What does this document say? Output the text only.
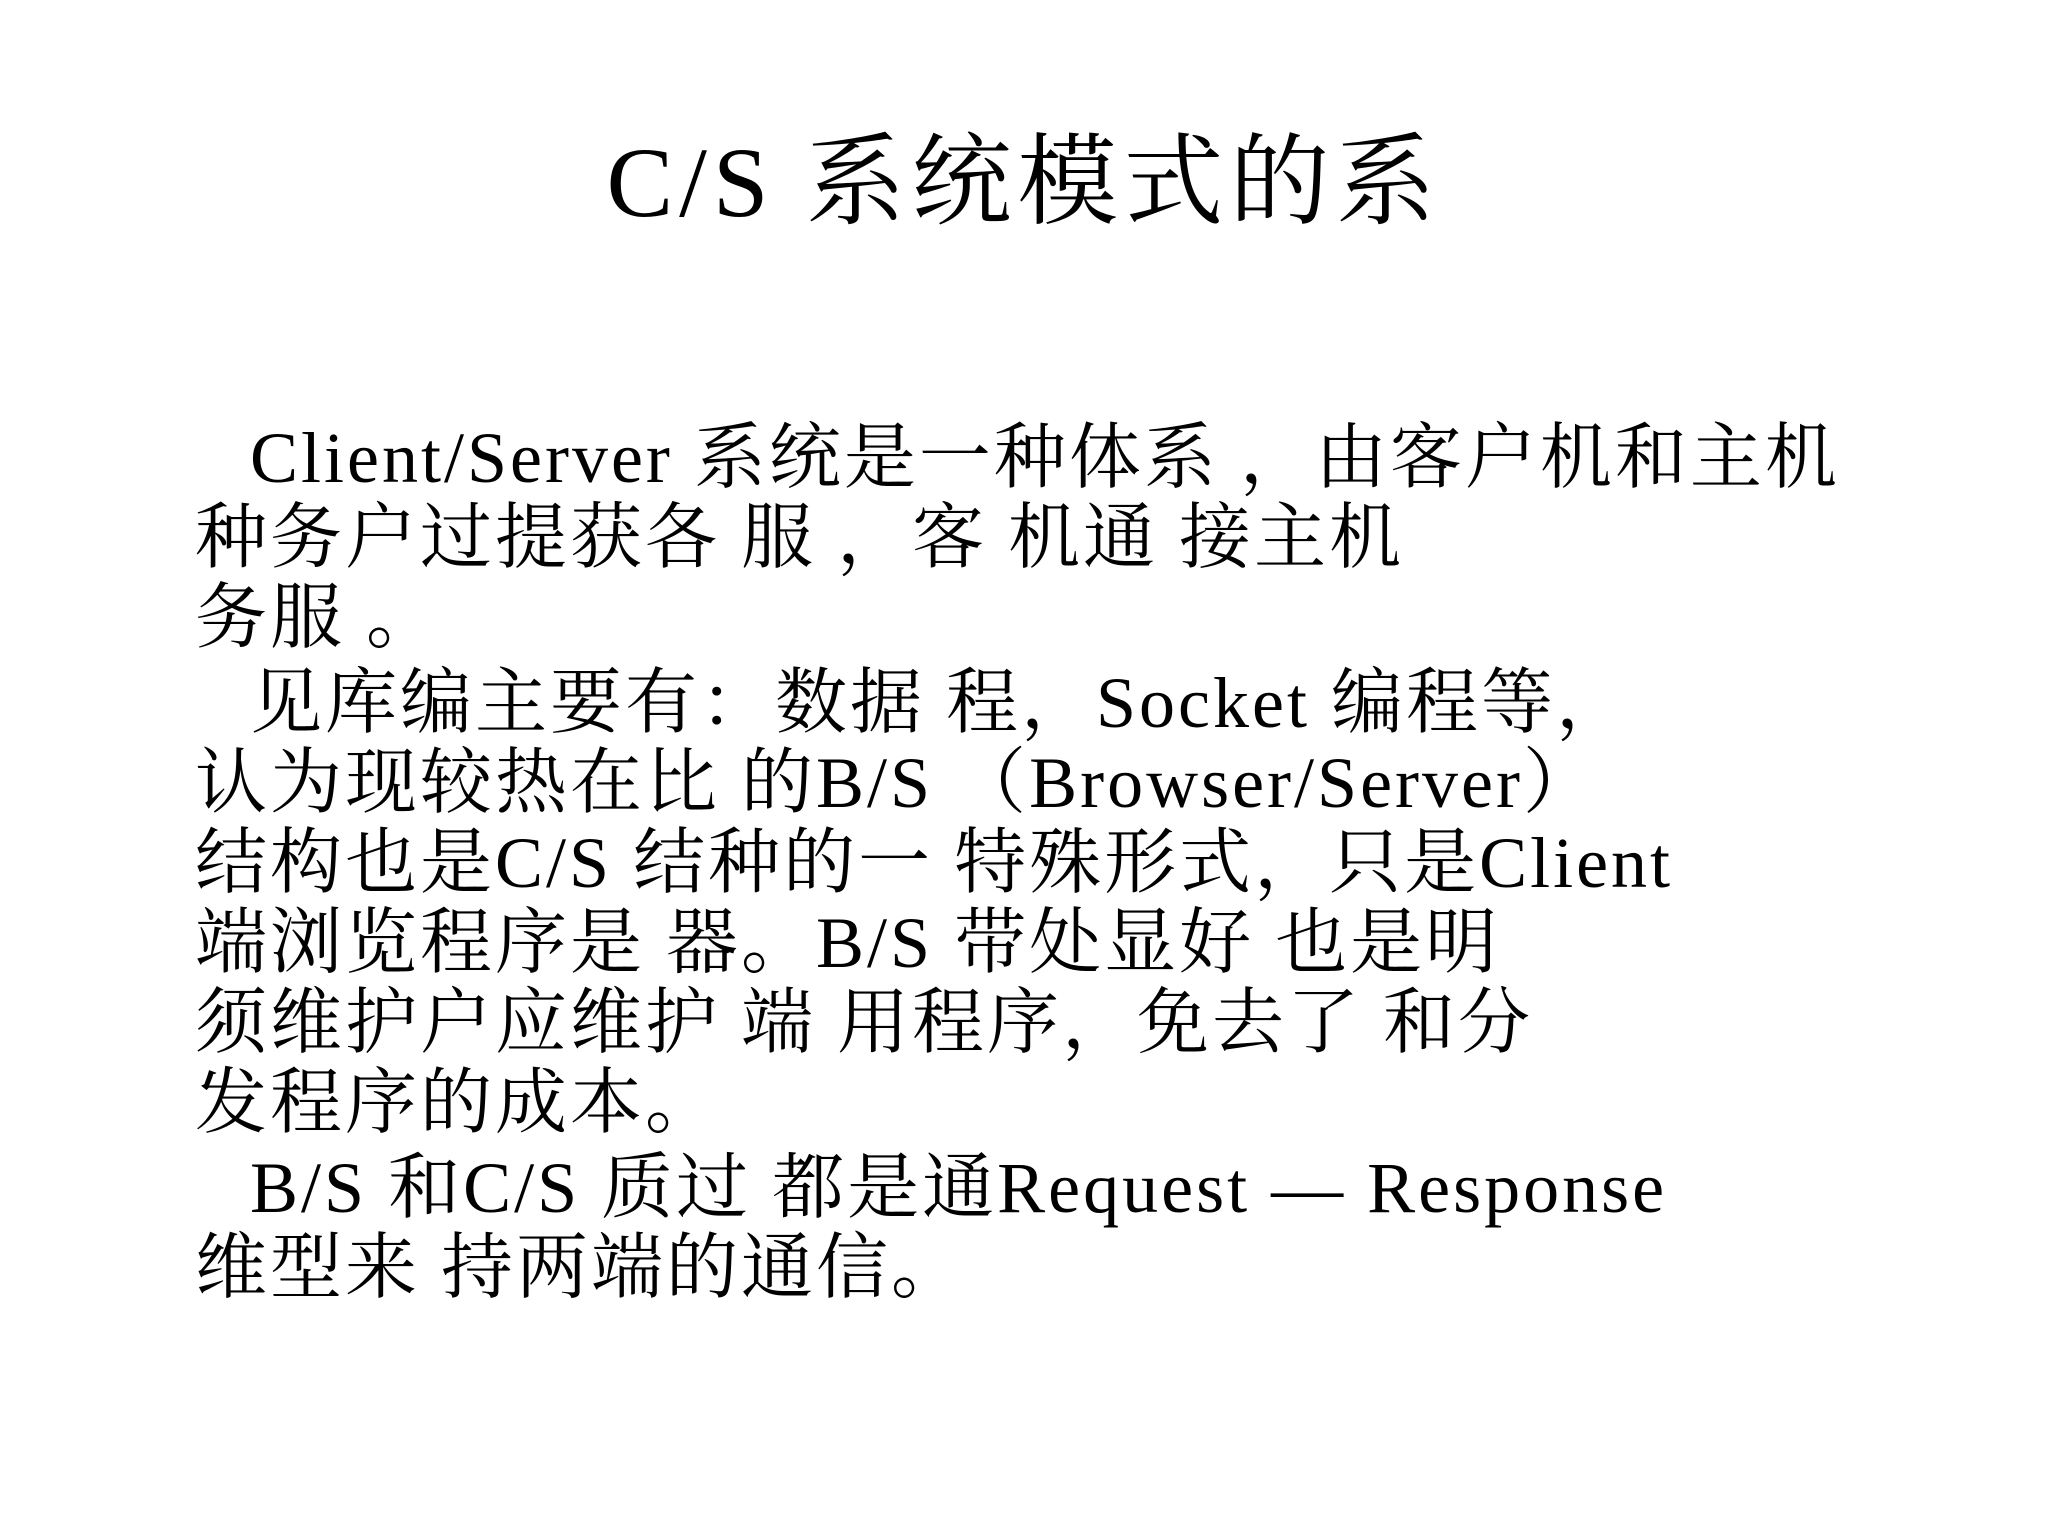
C/S 系统模式的系
Client/Server 系统是一种体系 ，由客户机和主机
种务户过提获各 服 ，客 机通 接主机
务服 。
见库编主要有：数据 程，Socket 编程等，
认为现较热在比 的B/S （Browser/Server）
结构也是C/S 结种的一 特殊形式，只是Client
端浏览程序是 器。B/S 带处显好 也是明
须维护户应维护 端 用程序，免去了 和分
发程序的成本。
B/S 和C/S 质过 都是通Request — Response
维型来 持两端的通信。
